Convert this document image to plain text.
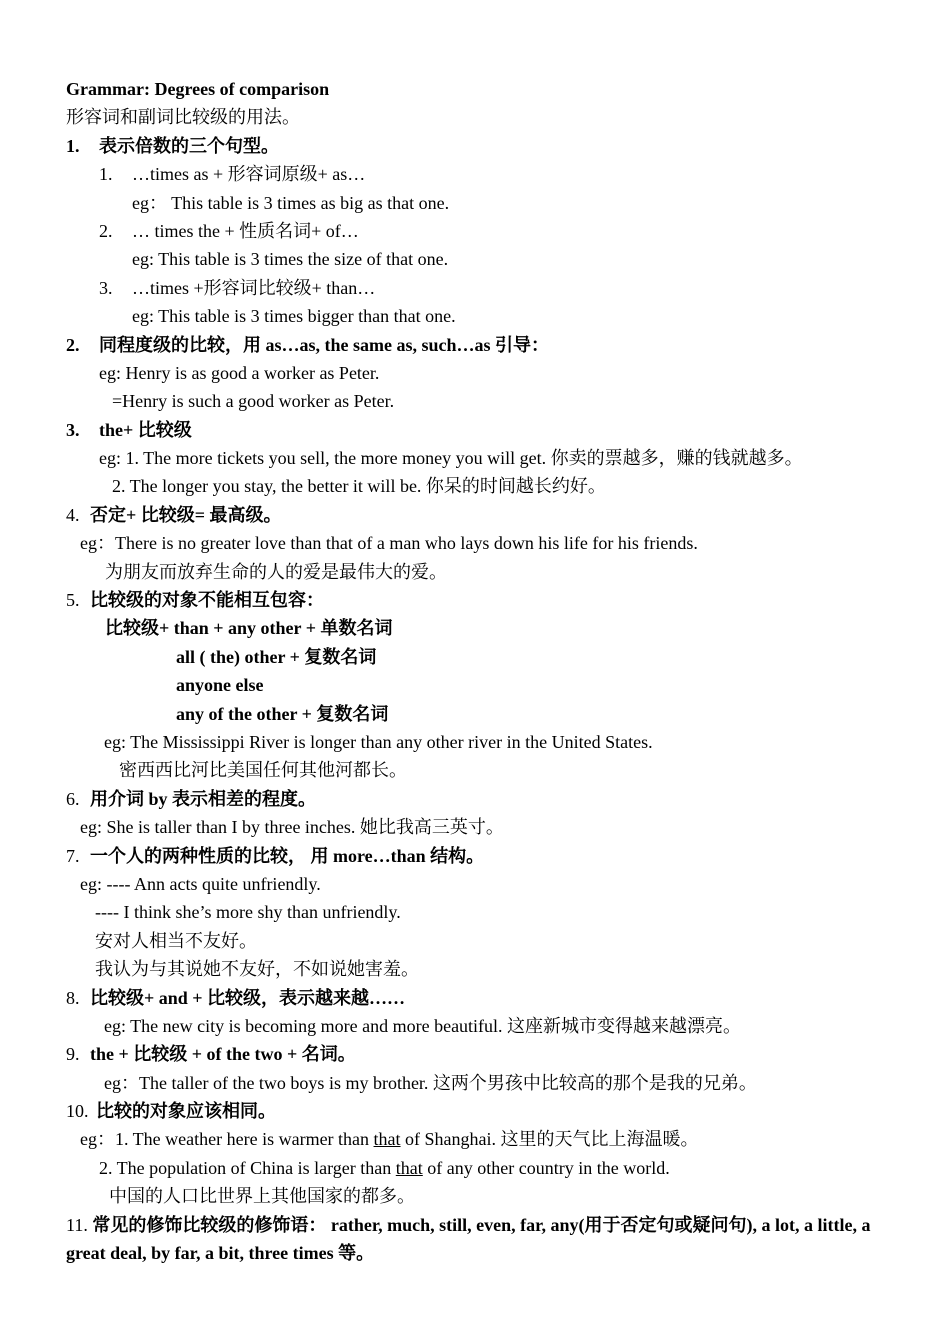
Grammar: Degrees of comparison
形容词和副词比较级的用法。
1. 表示倍数的三个句型。
1. …times as + 形容词原级+ as…
eg： This table is 3 times as big as that one.
2. … times the + 性质名词+ of…
eg: This table is 3 times the size of that one.
3. …times +形容词比较级+ than…
eg: This table is 3 times bigger than that one.
2. 同程度级的比较，用 as…as, the same as, such…as 引导：
eg: Henry is as good a worker as Peter.
=Henry is such a good worker as Peter.
3. the+ 比较级
eg: 1. The more tickets you sell, the more money you will get. 你卖的票越多，赚的钱就越多。
2. The longer you stay, the better it will be. 你呆的时间越长约好。
4. 否定+ 比较级= 最高级。
eg：There is no greater love than that of a man who lays down his life for his friends.
为朋友而放弃生命的人的爱是最伟大的爱。
5. 比较级的对象不能相互包容：
比较级+ than + any other + 单数名词
all ( the) other + 复数名词
anyone else
any of the other + 复数名词
eg: The Mississippi River is longer than any other river in the United States.
密西西比河比美国任何其他河都长。
6. 用介词 by 表示相差的程度。
eg: She is taller than I by three inches. 她比我高三英寸。
7. 一个人的两种性质的比较， 用 more…than 结构。
eg: ---- Ann acts quite unfriendly.
---- I think she’s more shy than unfriendly.
安对人相当不友好。
我认为与其说她不友好，不如说她害羞。
8. 比较级+ and + 比较级，表示越来越……
eg: The new city is becoming more and more beautiful. 这座新城市变得越来越漂亮。
9. the + 比较级 + of the two + 名词。
eg：The taller of the two boys is my brother. 这两个男孩中比较高的那个是我的兄弟。
10. 比较的对象应该相同。
eg：1. The weather here is warmer than that of Shanghai. 这里的天气比上海温暖。
2. The population of China is larger than that of any other country in the world.
中国的人口比世界上其他国家的都多。
11. 常见的修饰比较级的修饰语： rather, much, still, even, far, any(用于否定句或疑问句), a lot, a little, a great deal, by far, a bit, three times 等。
